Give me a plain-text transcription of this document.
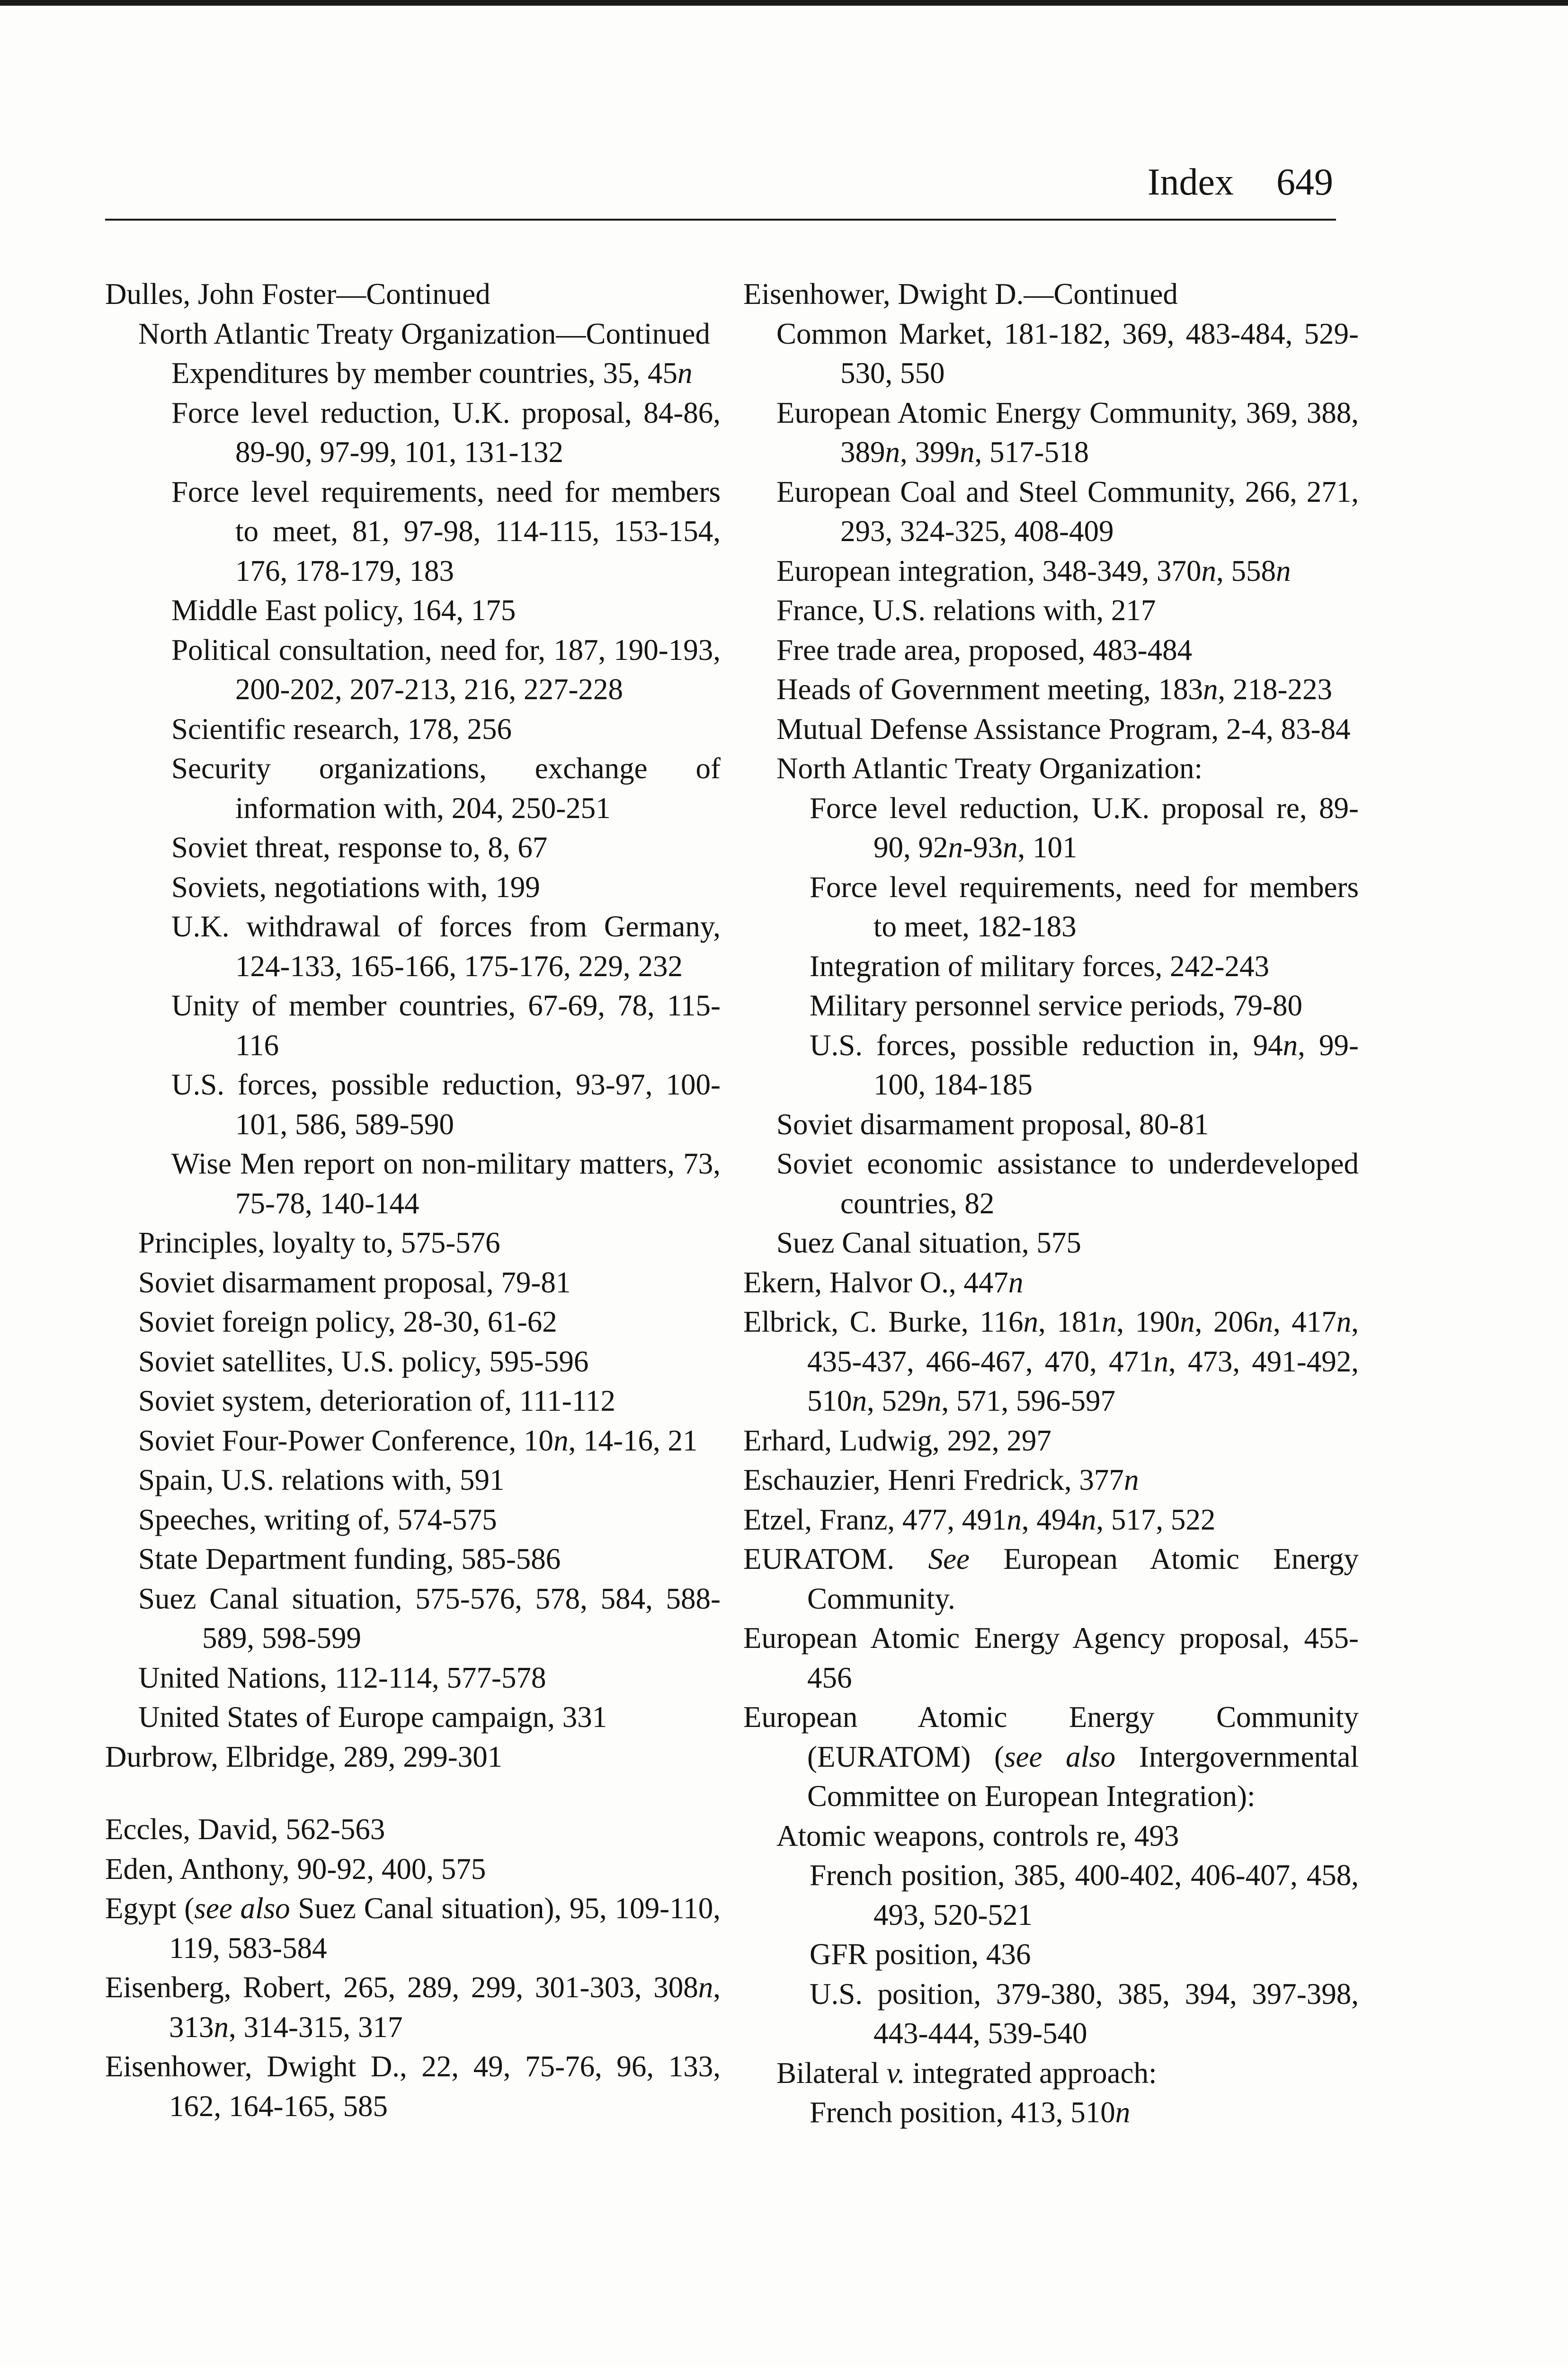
Index 649
Dulles, John Foster—Continued
North Atlantic Treaty Organization—Continued
Expenditures by member countries, 35, 45n
Force level reduction, U.K. proposal, 84-86, 89-90, 97-99, 101, 131-132
Force level requirements, need for members to meet, 81, 97-98, 114-115, 153-154, 176, 178-179, 183
Middle East policy, 164, 175
Political consultation, need for, 187, 190-193, 200-202, 207-213, 216, 227-228
Scientific research, 178, 256
Security organizations, exchange of information with, 204, 250-251
Soviet threat, response to, 8, 67
Soviets, negotiations with, 199
U.K. withdrawal of forces from Germany, 124-133, 165-166, 175-176, 229, 232
Unity of member countries, 67-69, 78, 115-116
U.S. forces, possible reduction, 93-97, 100-101, 586, 589-590
Wise Men report on non-military matters, 73, 75-78, 140-144
Principles, loyalty to, 575-576
Soviet disarmament proposal, 79-81
Soviet foreign policy, 28-30, 61-62
Soviet satellites, U.S. policy, 595-596
Soviet system, deterioration of, 111-112
Soviet Four-Power Conference, 10n, 14-16, 21
Spain, U.S. relations with, 591
Speeches, writing of, 574-575
State Department funding, 585-586
Suez Canal situation, 575-576, 578, 584, 588-589, 598-599
United Nations, 112-114, 577-578
United States of Europe campaign, 331
Durbrow, Elbridge, 289, 299-301
Eccles, David, 562-563
Eden, Anthony, 90-92, 400, 575
Egypt (see also Suez Canal situation), 95, 109-110, 119, 583-584
Eisenberg, Robert, 265, 289, 299, 301-303, 308n, 313n, 314-315, 317
Eisenhower, Dwight D., 22, 49, 75-76, 96, 133, 162, 164-165, 585
Eisenhower, Dwight D.—Continued
Common Market, 181-182, 369, 483-484, 529-530, 550
European Atomic Energy Community, 369, 388, 389n, 399n, 517-518
European Coal and Steel Community, 266, 271, 293, 324-325, 408-409
European integration, 348-349, 370n, 558n
France, U.S. relations with, 217
Free trade area, proposed, 483-484
Heads of Government meeting, 183n, 218-223
Mutual Defense Assistance Program, 2-4, 83-84
North Atlantic Treaty Organization:
Force level reduction, U.K. proposal re, 89-90, 92n-93n, 101
Force level requirements, need for members to meet, 182-183
Integration of military forces, 242-243
Military personnel service periods, 79-80
U.S. forces, possible reduction in, 94n, 99-100, 184-185
Soviet disarmament proposal, 80-81
Soviet economic assistance to underdeveloped countries, 82
Suez Canal situation, 575
Ekern, Halvor O., 447n
Elbrick, C. Burke, 116n, 181n, 190n, 206n, 417n, 435-437, 466-467, 470, 471n, 473, 491-492, 510n, 529n, 571, 596-597
Erhard, Ludwig, 292, 297
Eschauzier, Henri Fredrick, 377n
Etzel, Franz, 477, 491n, 494n, 517, 522
EURATOM. See European Atomic Energy Community.
European Atomic Energy Agency proposal, 455-456
European Atomic Energy Community (EURATOM) (see also Intergovernmental Committee on European Integration):
Atomic weapons, controls re, 493
French position, 385, 400-402, 406-407, 458, 493, 520-521
GFR position, 436
U.S. position, 379-380, 385, 394, 397-398, 443-444, 539-540
Bilateral v. integrated approach:
French position, 413, 510n
